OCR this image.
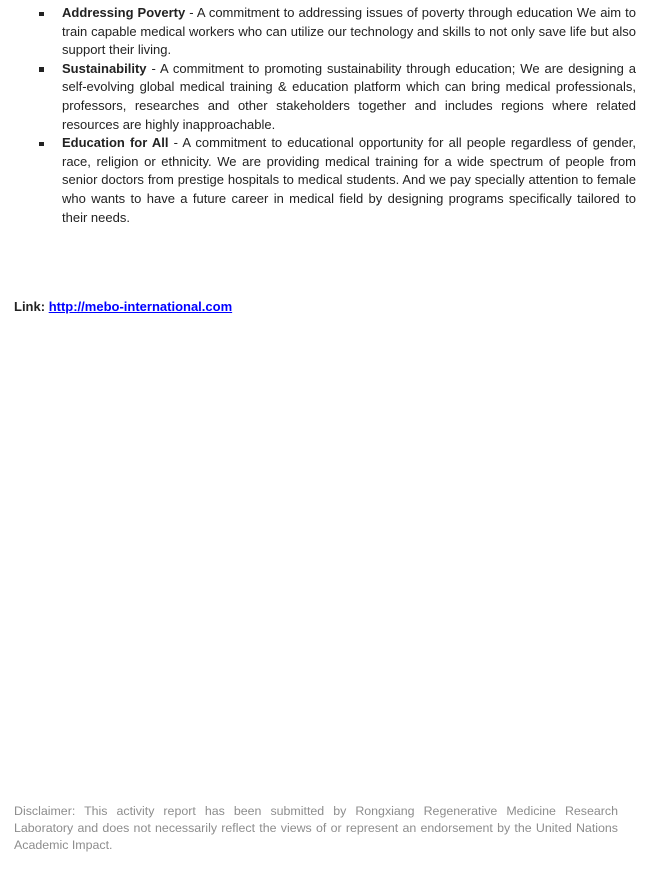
Addressing Poverty - A commitment to addressing issues of poverty through education We aim to train capable medical workers who can utilize our technology and skills to not only save life but also support their living.
Sustainability - A commitment to promoting sustainability through education; We are designing a self-evolving global medical training & education platform which can bring medical professionals, professors, researches and other stakeholders together and includes regions where related resources are highly inapproachable.
Education for All - A commitment to educational opportunity for all people regardless of gender, race, religion or ethnicity. We are providing medical training for a wide spectrum of people from senior doctors from prestige hospitals to medical students. And we pay specially attention to female who wants to have a future career in medical field by designing programs specifically tailored to their needs.
Link: http://mebo-international.com

Disclaimer: This activity report has been submitted by Rongxiang Regenerative Medicine Research Laboratory and does not necessarily reflect the views of or represent an endorsement by the United Nations Academic Impact.
